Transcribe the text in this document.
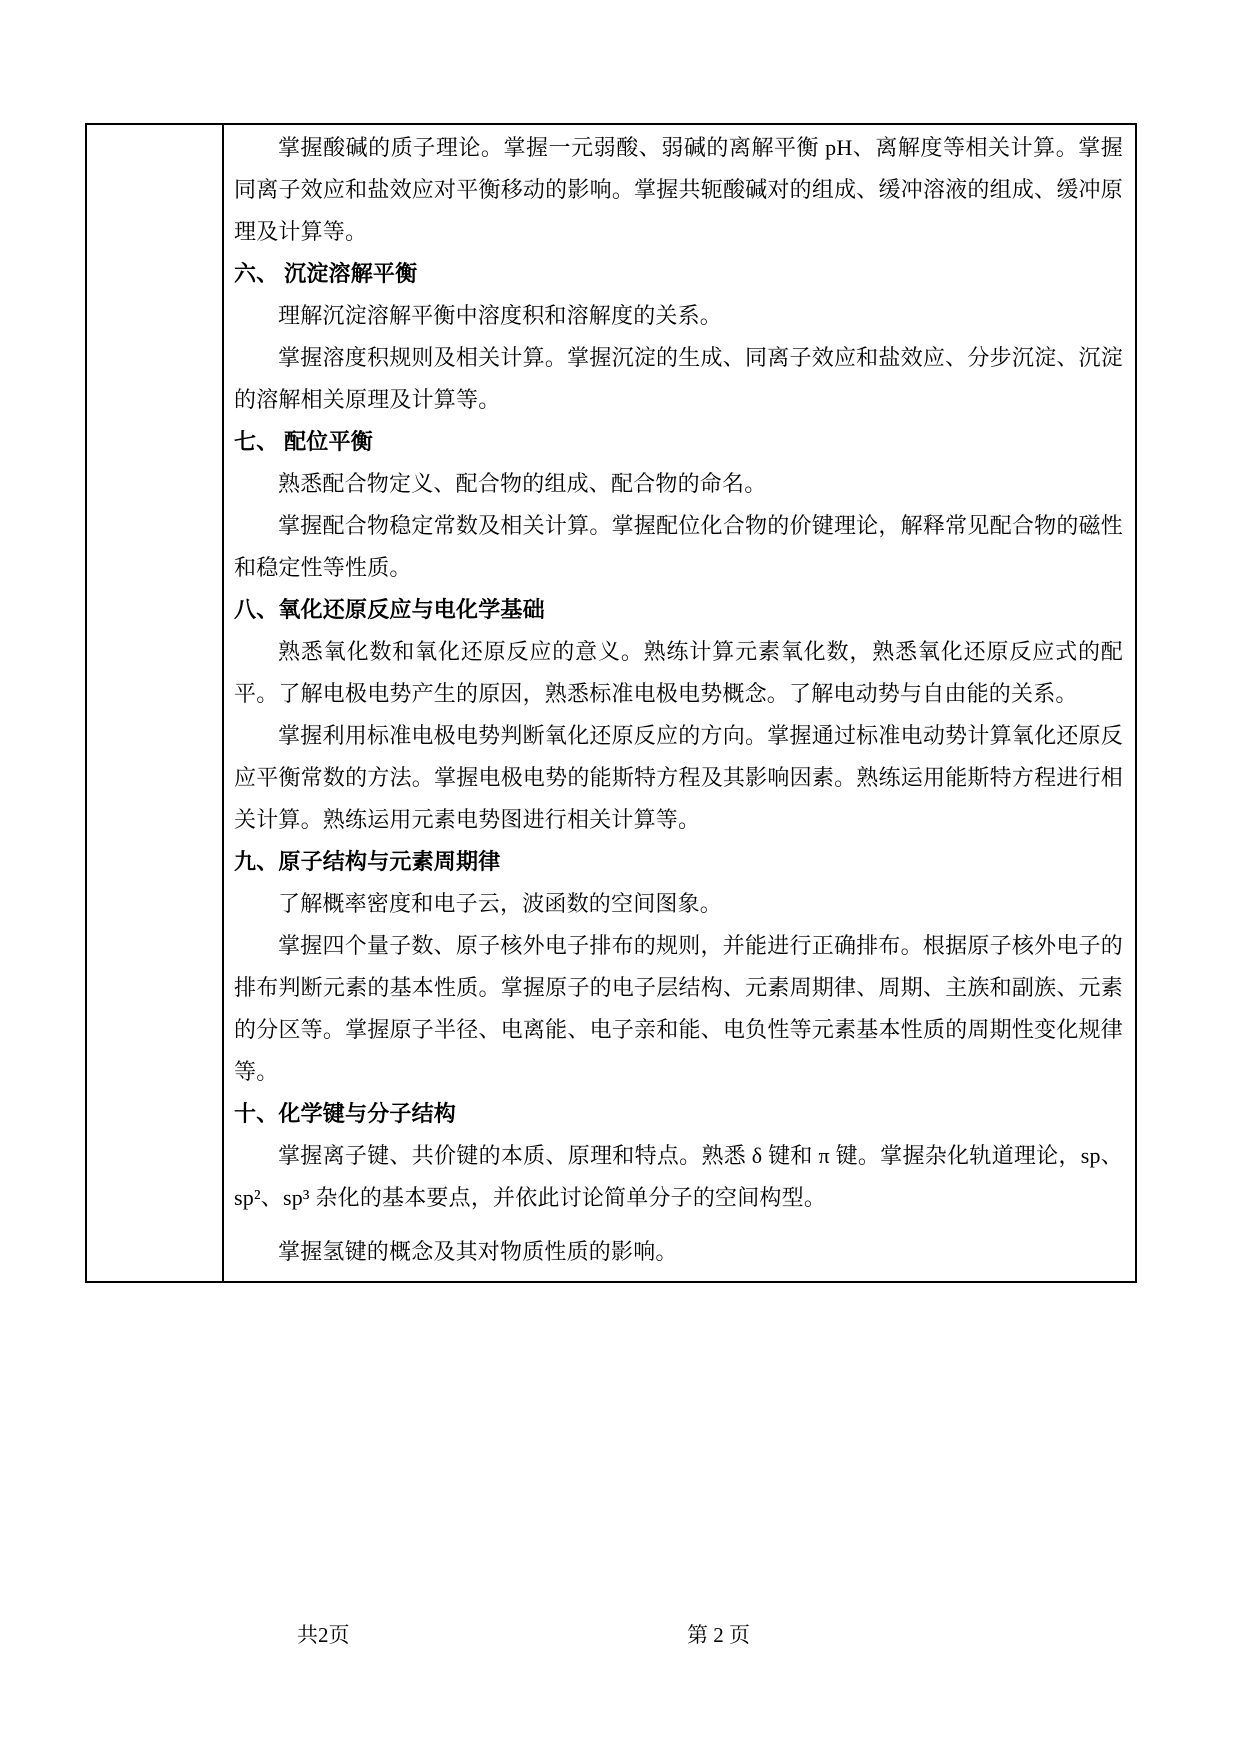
掌握酸碱的质子理论。掌握一元弱酸、弱碱的离解平衡 pH、离解度等相关计算。掌握同离子效应和盐效应对平衡移动的影响。掌握共轭酸碱对的组成、缓冲溶液的组成、缓冲原理及计算等。

六、 沉淀溶解平衡

理解沉淀溶解平衡中溶度积和溶解度的关系。

掌握溶度积规则及相关计算。掌握沉淀的生成、同离子效应和盐效应、分步沉淀、沉淀的溶解相关原理及计算等。

七、 配位平衡

熟悉配合物定义、配合物的组成、配合物的命名。

掌握配合物稳定常数及相关计算。掌握配位化合物的价键理论，解释常见配合物的磁性和稳定性等性质。

八、氧化还原反应与电化学基础

熟悉氧化数和氧化还原反应的意义。熟练计算元素氧化数，熟悉氧化还原反应式的配平。了解电极电势产生的原因，熟悉标准电极电势概念。了解电动势与自由能的关系。

掌握利用标准电极电势判断氧化还原反应的方向。掌握通过标准电动势计算氧化还原反应平衡常数的方法。掌握电极电势的能斯特方程及其影响因素。熟练运用能斯特方程进行相关计算。熟练运用元素电势图进行相关计算等。

九、原子结构与元素周期律

了解概率密度和电子云，波函数的空间图象。

掌握四个量子数、原子核外电子排布的规则，并能进行正确排布。根据原子核外电子的排布判断元素的基本性质。掌握原子的电子层结构、元素周期律、周期、主族和副族、元素的分区等。掌握原子半径、电离能、电子亲和能、电负性等元素基本性质的周期性变化规律等。

十、化学键与分子结构

掌握离子键、共价键的本质、原理和特点。熟悉 δ 键和 π 键。掌握杂化轨道理论，sp、sp²、sp³ 杂化的基本要点，并依此讨论简单分子的空间构型。

掌握氢键的概念及其对物质性质的影响。

共2页	第 2 页
